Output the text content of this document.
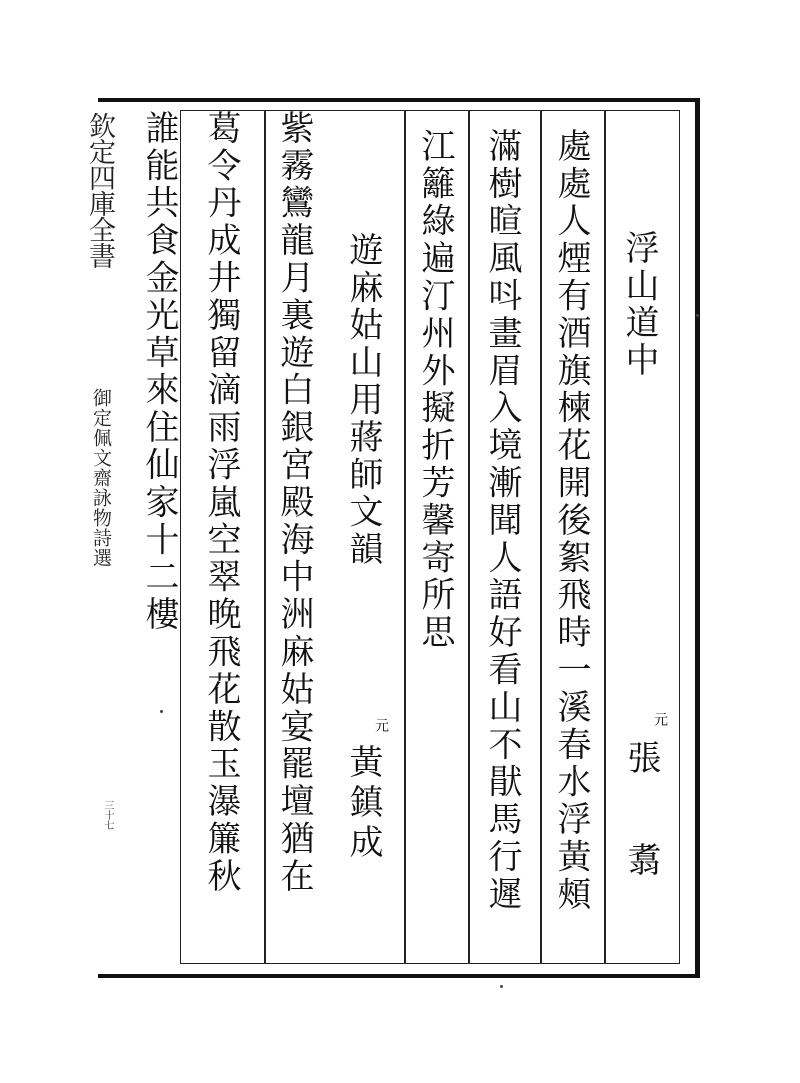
欽定四庫全書
御定佩文齋詠物詩選
三十七
浮山道中
元
張 翥
處處人煙有酒旗楝花開後絮飛時一溪春水浮黃頰
滿樹暄風呌畫眉入境漸聞人語好看山不猒馬行遲
江籬綠遍汀州外擬折芳馨寄所思
遊麻姑山用蔣師文韻
元
黃鎮成
紫霧鸞龍月裏遊白銀宮殿海中洲麻姑宴罷壇猶在
葛令丹成井獨留滴雨浮嵐空翠晚飛花散玉瀑簾秋
誰能共食金光草來住仙家十二樓
